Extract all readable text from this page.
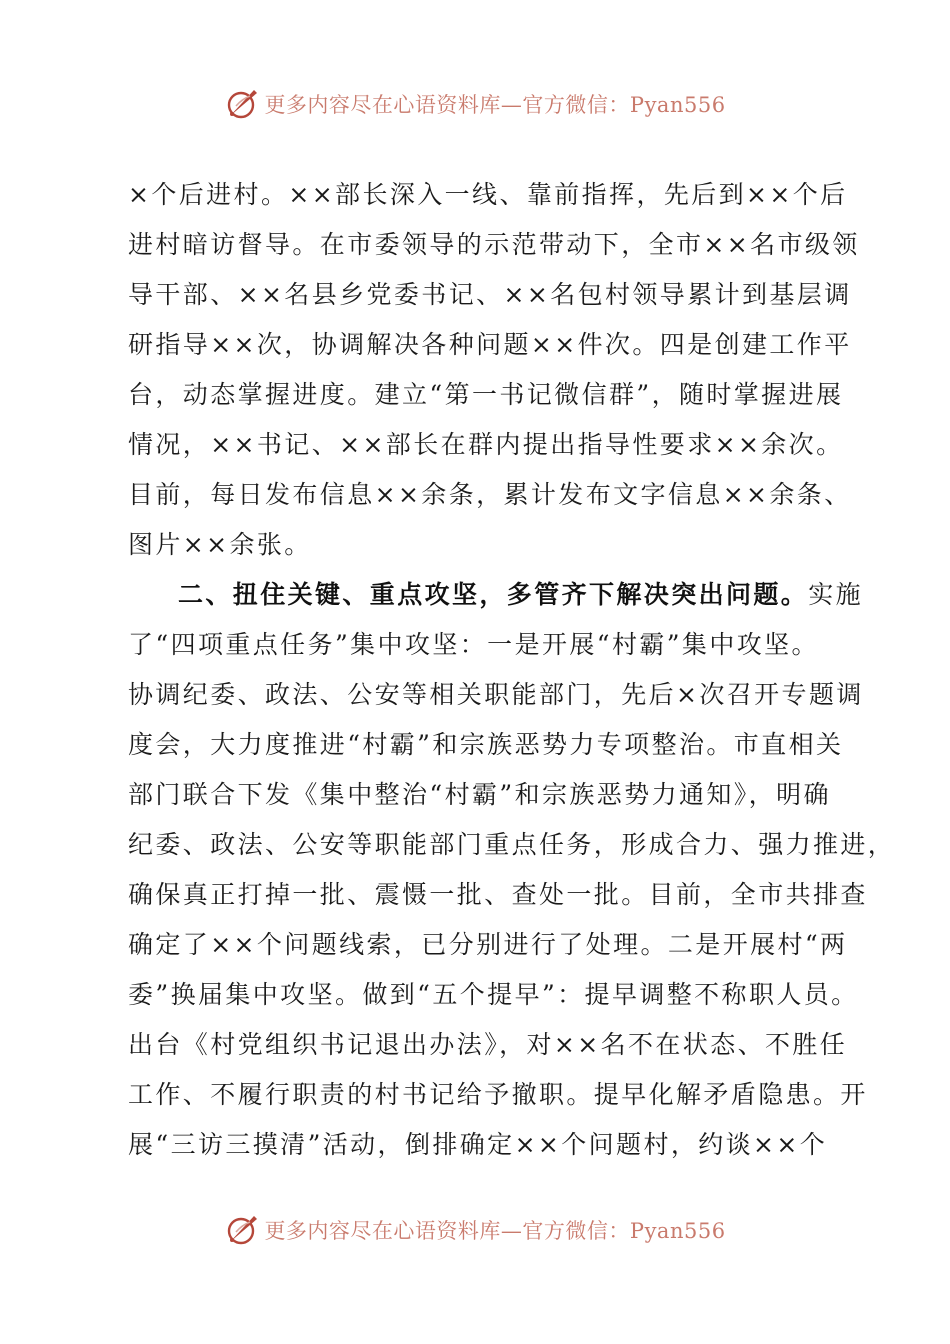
更多内容尽在心语资料库—官方微信：Pyan556
×个后进村。××部长深入一线、靠前指挥，先后到××个后
进村暗访督导。在市委领导的示范带动下，全市××名市级领
导干部、××名县乡党委书记、××名包村领导累计到基层调
研指导××次，协调解决各种问题××件次。四是创建工作平
台，动态掌握进度。建立“第一书记微信群”，随时掌握进展
情况，××书记、××部长在群内提出指导性要求××余次。
目前，每日发布信息××余条，累计发布文字信息××余条、
图片××余张。
二、扭住关键、重点攻坚，多管齐下解决突出问题。实施
了“四项重点任务”集中攻坚：一是开展“村霸”集中攻坚。
协调纪委、政法、公安等相关职能部门，先后×次召开专题调
度会，大力度推进“村霸”和宗族恶势力专项整治。市直相关
部门联合下发《集中整治“村霸”和宗族恶势力通知》，明确
纪委、政法、公安等职能部门重点任务，形成合力、强力推进，
确保真正打掉一批、震慑一批、查处一批。目前，全市共排查
确定了××个问题线索，已分别进行了处理。二是开展村“两
委”换届集中攻坚。做到“五个提早”：提早调整不称职人员。
出台《村党组织书记退出办法》，对××名不在状态、不胜任
工作、不履行职责的村书记给予撤职。提早化解矛盾隐患。开
展“三访三摸清”活动，倒排确定××个问题村，约谈××个
更多内容尽在心语资料库—官方微信：Pyan556
